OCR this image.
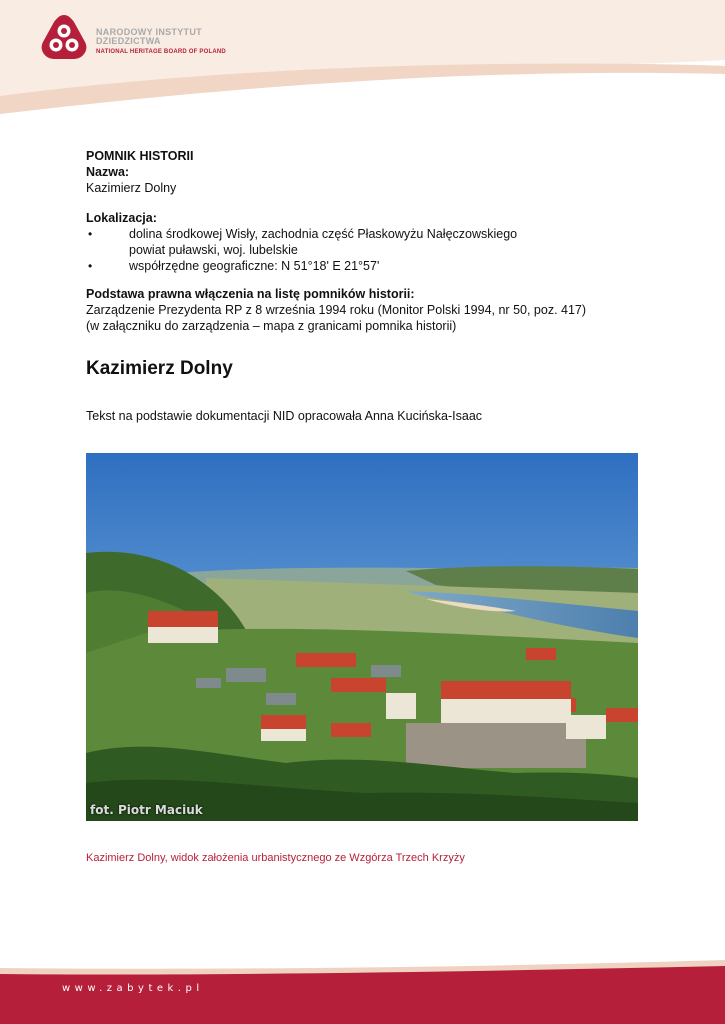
NARODOWY INSTYTUT
DZIEDZICTWA
NATIONAL HERITAGE BOARD OF POLAND
POMNIK HISTORII
Nazwa:
Kazimierz Dolny
Lokalizacja:
•	dolina środkowej Wisły, zachodnia część Płaskowyżu Nałęczowskiego
powiat puławski, woj. lubelskie
•	współrzędne geograficzne: N 51°18' E 21°57'
Podstawa prawna włączenia na listę pomników historii:
Zarządzenie Prezydenta RP z 8 września 1994 roku (Monitor Polski 1994, nr 50, poz. 417)
(w załączniku do zarządzenia – mapa z granicami pomnika historii)
Kazimierz Dolny
Tekst na podstawie dokumentacji NID opracowała Anna Kucińska-Isaac
fot. Piotr Maciuk
Kazimierz Dolny, widok założenia urbanistycznego ze Wzgórza Trzech Krzyży
www.zabytek.pl
